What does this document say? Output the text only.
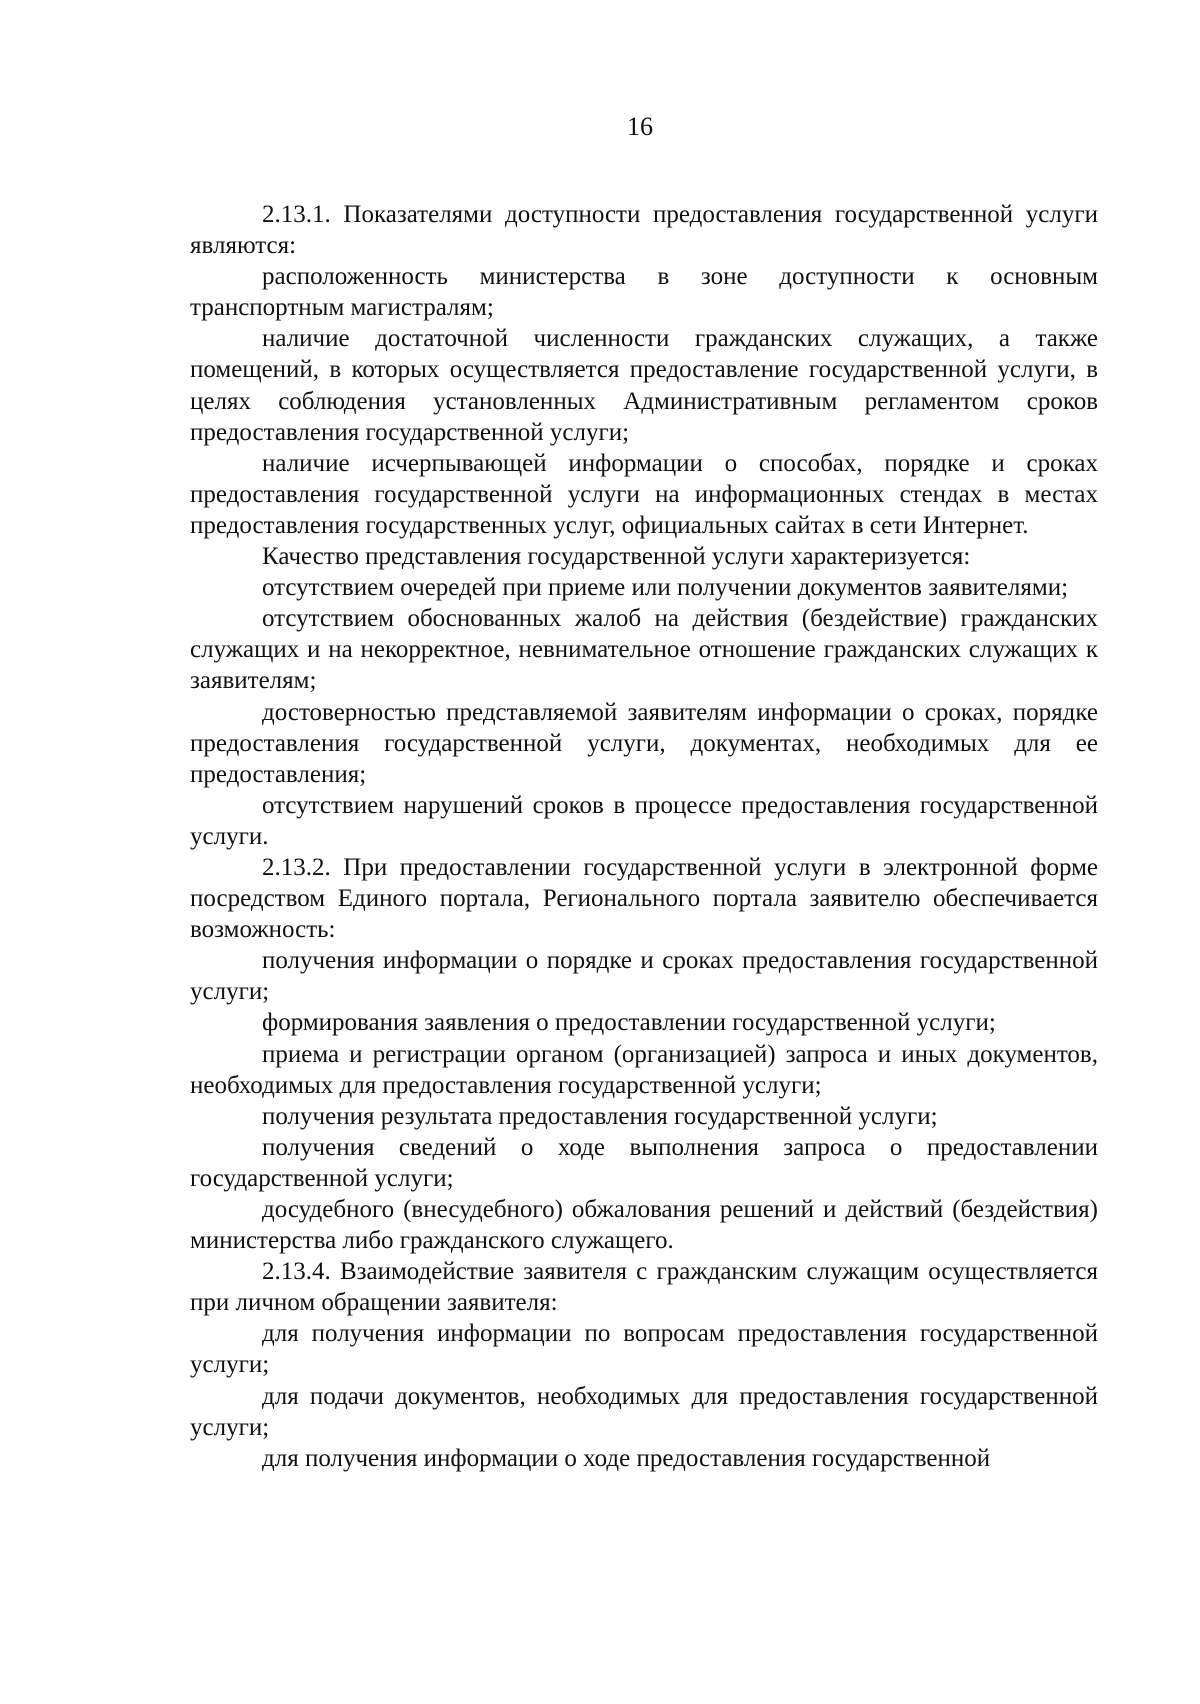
16

2.13.1. Показателями доступности предоставления государственной услуги являются:

расположенность министерства в зоне доступности к основным транспортным магистралям;

наличие достаточной численности гражданских служащих, а также помещений, в которых осуществляется предоставление государственной услуги, в целях соблюдения установленных Административным регламентом сроков предоставления государственной услуги;

наличие исчерпывающей информации о способах, порядке и сроках предоставления государственной услуги на информационных стендах в местах предоставления государственных услуг, официальных сайтах в сети Интернет.

Качество представления государственной услуги характеризуется:

отсутствием очередей при приеме или получении документов заявителями;

отсутствием обоснованных жалоб на действия (бездействие) гражданских служащих и на некорректное, невнимательное отношение гражданских служащих к заявителям;

достоверностью представляемой заявителям информации о сроках, порядке предоставления государственной услуги, документах, необходимых для ее предоставления;

отсутствием нарушений сроков в процессе предоставления государственной услуги.

2.13.2. При предоставлении государственной услуги в электронной форме посредством Единого портала, Регионального портала заявителю обеспечивается возможность:

получения информации о порядке и сроках предоставления государственной услуги;

формирования заявления о предоставлении государственной услуги;

приема и регистрации органом (организацией) запроса и иных документов, необходимых для предоставления государственной услуги;

получения результата предоставления государственной услуги;

получения сведений о ходе выполнения запроса о предоставлении государственной услуги;

досудебного (внесудебного) обжалования решений и действий (бездействия) министерства либо гражданского служащего.

2.13.4. Взаимодействие заявителя с гражданским служащим осуществляется при личном обращении заявителя:

для получения информации по вопросам предоставления государственной услуги;

для подачи документов, необходимых для предоставления государственной услуги;

для получения информации о ходе предоставления государственной
